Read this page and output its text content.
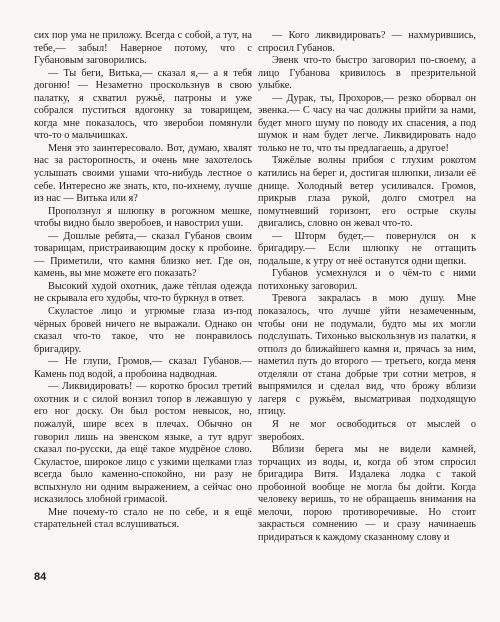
сих пор ума не приложу. Всегда с собой, а тут, на тебе,— забыл! Наверное потому, что с Губановым заговорились.

— Ты беги, Витька,— сказал я,— а я тебя догоню! — Незаметно проскользнув в свою палатку, я схватил ружьё, патроны и уже собрался пуститься вдогонку за товарищем, когда мне показалось, что зверобои помянули что-то о мальчишках.

Меня это заинтересовало. Вот, думаю, хвалят нас за расторопность, и очень мне захотелось услышать своими ушами что-нибудь лестное о себе. Интересно же знать, кто, по-ихнему, лучше из нас — Витька или я?

Проползнул я шлюпку в рогожном мешке, чтобы видно было зверобоев, и навострил уши.

— Дошлые ребята,— сказал Губанов своим товарищам, пристраивающим доску к пробоине.— Приметили, что камня близко нет. Где он, камень, вы мне можете его показать?

Высокий худой охотник, даже тёплая одежда не скрывала его худобы, что-то буркнул в ответ.

Скуластое лицо и угрюмые глаза из-под чёрных бровей ничего не выражали. Однако он сказал что-то такое, что не понравилось бригадиру.

— Не глупи, Громов,— сказал Губанов.— Камень под водой, а пробоина надводная.

— Ликвидировать! — коротко бросил третий охотник и с силой вонзил топор в лежавшую у его ног доску. Он был ростом невысок, но, пожалуй, шире всех в плечах. Обычно он говорил лишь на эвенском языке, а тут вдруг сказал по-русски, да ещё такое мудрёное слово. Скуластое, широкое лицо с узкими щелками глаз всегда было каменно-спокойно, ни разу не вспыхнуло ни одним выражением, а сейчас оно исказилось злобной гримасой.

Мне почему-то стало не по себе, и я ещё старательней стал вслушиваться.

— Кого ликвидировать? — нахмурившись, спросил Губанов.

Эвенк что-то быстро заговорил по-своему, а лицо Губанова кривилось в презрительной улыбке.

— Дурак, ты, Прохоров,— резко оборвал он эвенка.— С часу на час должны прийти за нами, будет много шуму по поводу их спасения, а под шумок и нам будет легче. Ликвидировать надо только не то, что ты предлагаешь, а другое!

Тяжёлые волны прибоя с глухим рокотом катились на берег и, достигая шлюпки, лизали её днище. Холодный ветер усиливался. Громов, прикрыв глаза рукой, долго смотрел на помутневший горизонт, его острые скулы двигались, словно он жевал что-то.

— Шторм будет,— повернулся он к бригадиру.— Если шлюпку не оттащить подальше, к утру от неё останутся одни щепки.

Губанов усмехнулся и о чём-то с ними потихоньку заговорил.

Тревога закралась в мою душу. Мне показалось, что лучше уйти незамеченным, чтобы они не подумали, будто мы их могли подслушать. Тихонько выскользнув из палатки, я отполз до ближайшего камня и, прячась за ним, наметил путь до второго — третьего, когда меня отделяли от стана добрые три сотни метров, я выпрямился и сделал вид, что брожу вблизи лагеря с ружьём, высматривая подходящую птицу.

Я не мог освободиться от мыслей о зверобоях.

Вблизи берега мы не видели камней, торчащих из воды, и, когда об этом спросил бригадира Витя. Издалека лодка с такой пробоиной вообще не могла бы дойти. Когда человеку веришь, то не обращаешь внимания на мелочи, порою противоречивые. Но стоит закрасться сомнению — и сразу начинаешь придираться к каждому сказанному слову и

84
